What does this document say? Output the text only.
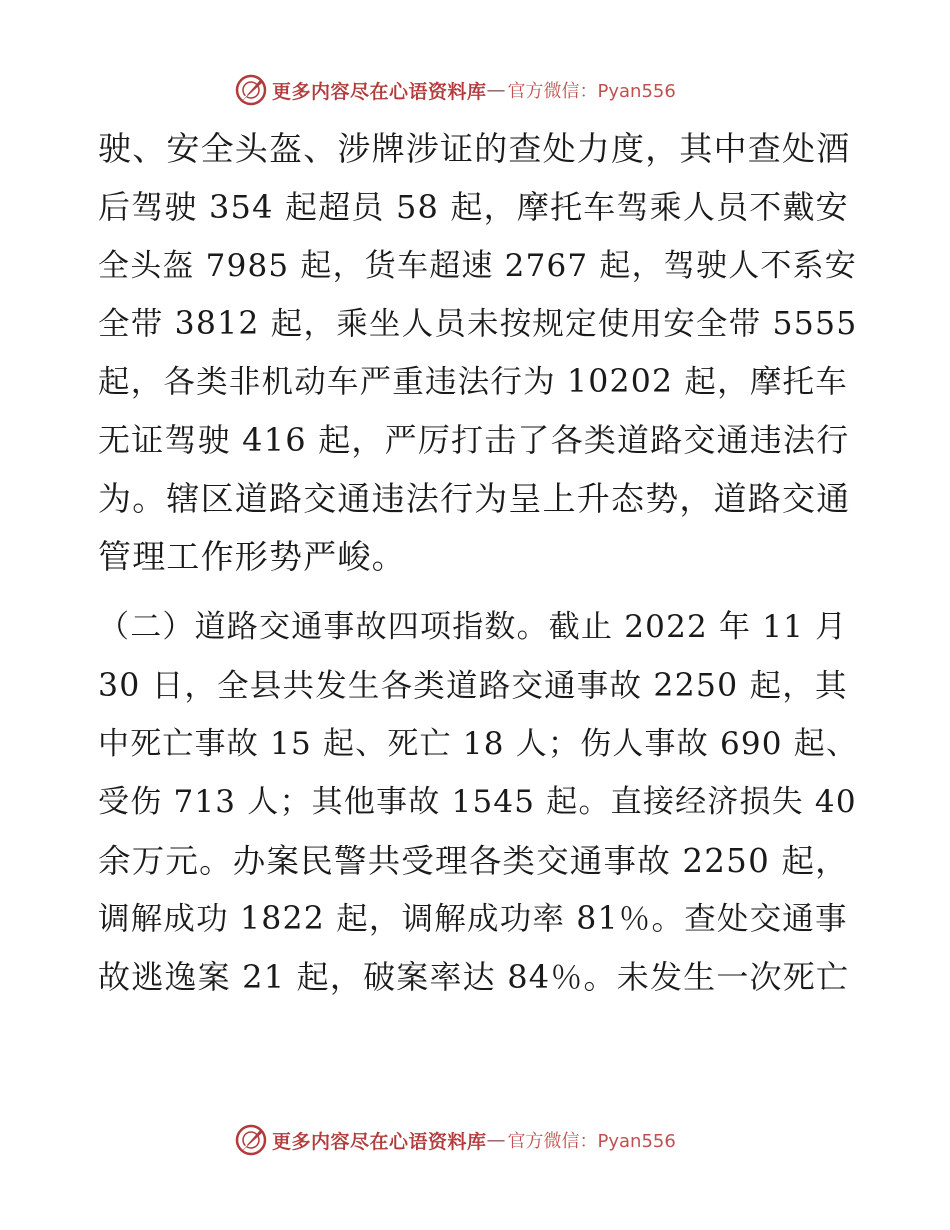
更多内容尽在心语资料库 — 官方微信：Pyan556
驶、安全头盔、涉牌涉证的查处力度，其中查处酒
后驾驶 354 起超员 58 起，摩托车驾乘人员不戴安
全头盔 7985 起，货车超速 2767 起，驾驶人不系安
全带 3812 起，乘坐人员未按规定使用安全带 5555
起，各类非机动车严重违法行为 10202 起，摩托车
无证驾驶 416 起，严厉打击了各类道路交通违法行
为。辖区道路交通违法行为呈上升态势，道路交通
管理工作形势严峻。
（二）道路交通事故四项指数。截止 2022 年 11 月
30 日，全县共发生各类道路交通事故 2250 起，其
中死亡事故 15 起、死亡 18 人；伤人事故 690 起、
受伤 713 人；其他事故 1545 起。直接经济损失 40
余万元。办案民警共受理各类交通事故 2250 起，
调解成功 1822 起，调解成功率 81％。查处交通事
故逃逸案 21 起，破案率达 84％。未发生一次死亡
更多内容尽在心语资料库 — 官方微信：Pyan556
